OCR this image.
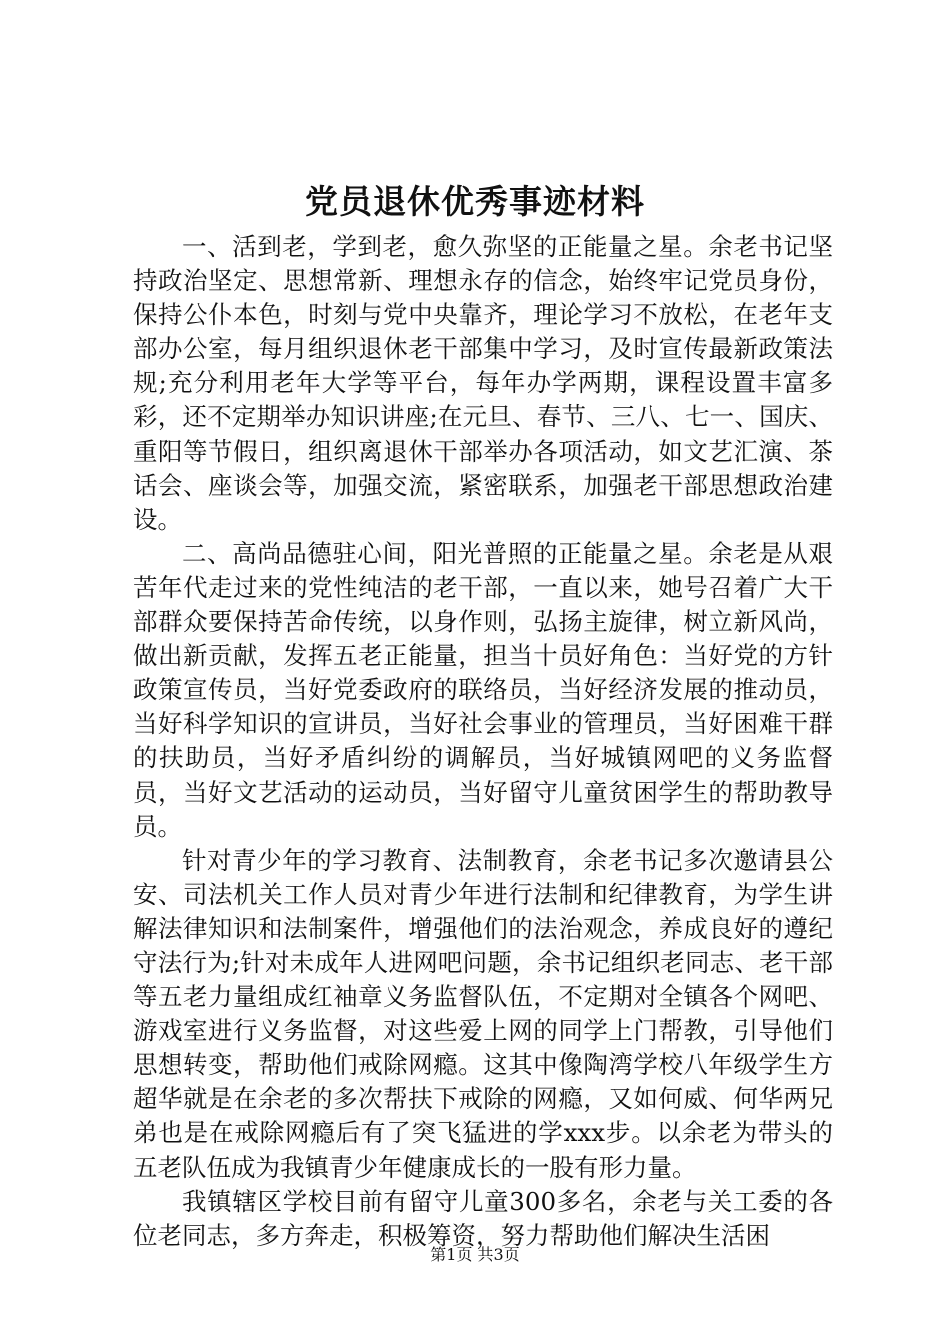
党员退休优秀事迹材料

一、活到老，学到老，愈久弥坚的正能量之星。余老书记坚持政治坚定、思想常新、理想永存的信念，始终牢记党员身份，保持公仆本色，时刻与党中央靠齐，理论学习不放松，在老年支部办公室，每月组织退休老干部集中学习，及时宣传最新政策法规;充分利用老年大学等平台，每年办学两期，课程设置丰富多彩，还不定期举办知识讲座;在元旦、春节、三八、七一、国庆、重阳等节假日，组织离退休干部举办各项活动，如文艺汇演、茶话会、座谈会等，加强交流，紧密联系，加强老干部思想政治建设。

二、高尚品德驻心间，阳光普照的正能量之星。余老是从艰苦年代走过来的党性纯洁的老干部，一直以来，她号召着广大干部群众要保持苦命传统，以身作则，弘扬主旋律，树立新风尚，做出新贡献，发挥五老正能量，担当十员好角色：当好党的方针政策宣传员，当好党委政府的联络员，当好经济发展的推动员，当好科学知识的宣讲员，当好社会事业的管理员，当好困难干群的扶助员，当好矛盾纠纷的调解员，当好城镇网吧的义务监督员，当好文艺活动的运动员，当好留守儿童贫困学生的帮助教导员。

针对青少年的学习教育、法制教育，余老书记多次邀请县公安、司法机关工作人员对青少年进行法制和纪律教育，为学生讲解法律知识和法制案件，增强他们的法治观念，养成良好的遵纪守法行为;针对未成年人进网吧问题，余书记组织老同志、老干部等五老力量组成红袖章义务监督队伍，不定期对全镇各个网吧、游戏室进行义务监督，对这些爱上网的同学上门帮教，引导他们思想转变，帮助他们戒除网瘾。这其中像陶湾学校八年级学生方超华就是在余老的多次帮扶下戒除的网瘾，又如何威、何华两兄弟也是在戒除网瘾后有了突飞猛进的学xxx步。以余老为带头的五老队伍成为我镇青少年健康成长的一股有形力量。

我镇辖区学校目前有留守儿童300多名，余老与关工委的各位老同志，多方奔走，积极筹资，努力帮助他们解决生活困

第1页 共3页
